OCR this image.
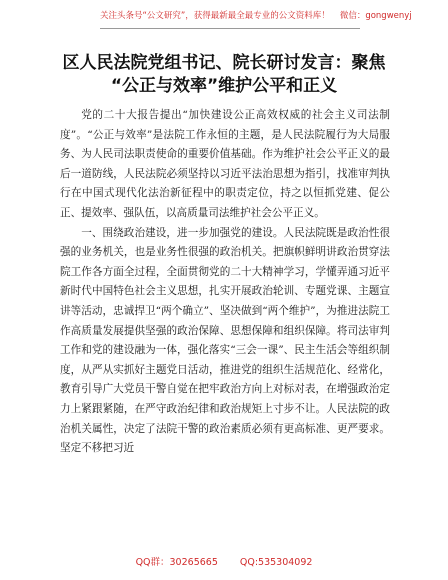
关注头条号“公文研究”，获得最新最全最专业的公文资料库！ 微信：gongwenyj
区人民法院党组书记、院长研讨发言：聚焦
“公正与效率”维护公平和正义

党的二十大报告提出“加快建设公正高效权威的社会主义司法制度”。“公正与效率”是法院工作永恒的主题，是人民法院履行为大局服务、为人民司法职责使命的重要价值基础。作为维护社会公平正义的最后一道防线，人民法院必须坚持以习近平法治思想为指引，找准审判执行在中国式现代化法治新征程中的职责定位，持之以恒抓党建、促公正、提效率、强队伍，以高质量司法维护社会公平正义。

一、围绕政治建设，进一步加强党的建设。人民法院既是政治性很强的业务机关，也是业务性很强的政治机关。把旗帜鲜明讲政治贯穿法院工作各方面全过程，全面贯彻党的二十大精神学习，学懂弄通习近平新时代中国特色社会主义思想，扎实开展政治轮训、专题党课、主题宣讲等活动，忠诚捍卫“两个确立”、坚决做到“两个维护”，为推进法院工作高质量发展提供坚强的政治保障、思想保障和组织保障。将司法审判工作和党的建设融为一体，强化落实“三会一课”、民主生活会等组织制度，从严从实抓好主题党日活动，推进党的组织生活规范化、经常化，教育引导广大党员干警自觉在把牢政治方向上对标对表，在增强政治定力上紧跟紧随，在严守政治纪律和政治规矩上寸步不让。人民法院的政治机关属性，决定了法院干警的政治素质必须有更高标准、更严要求。坚定不移把习近

QQ群：30265665 QQ:535304092
